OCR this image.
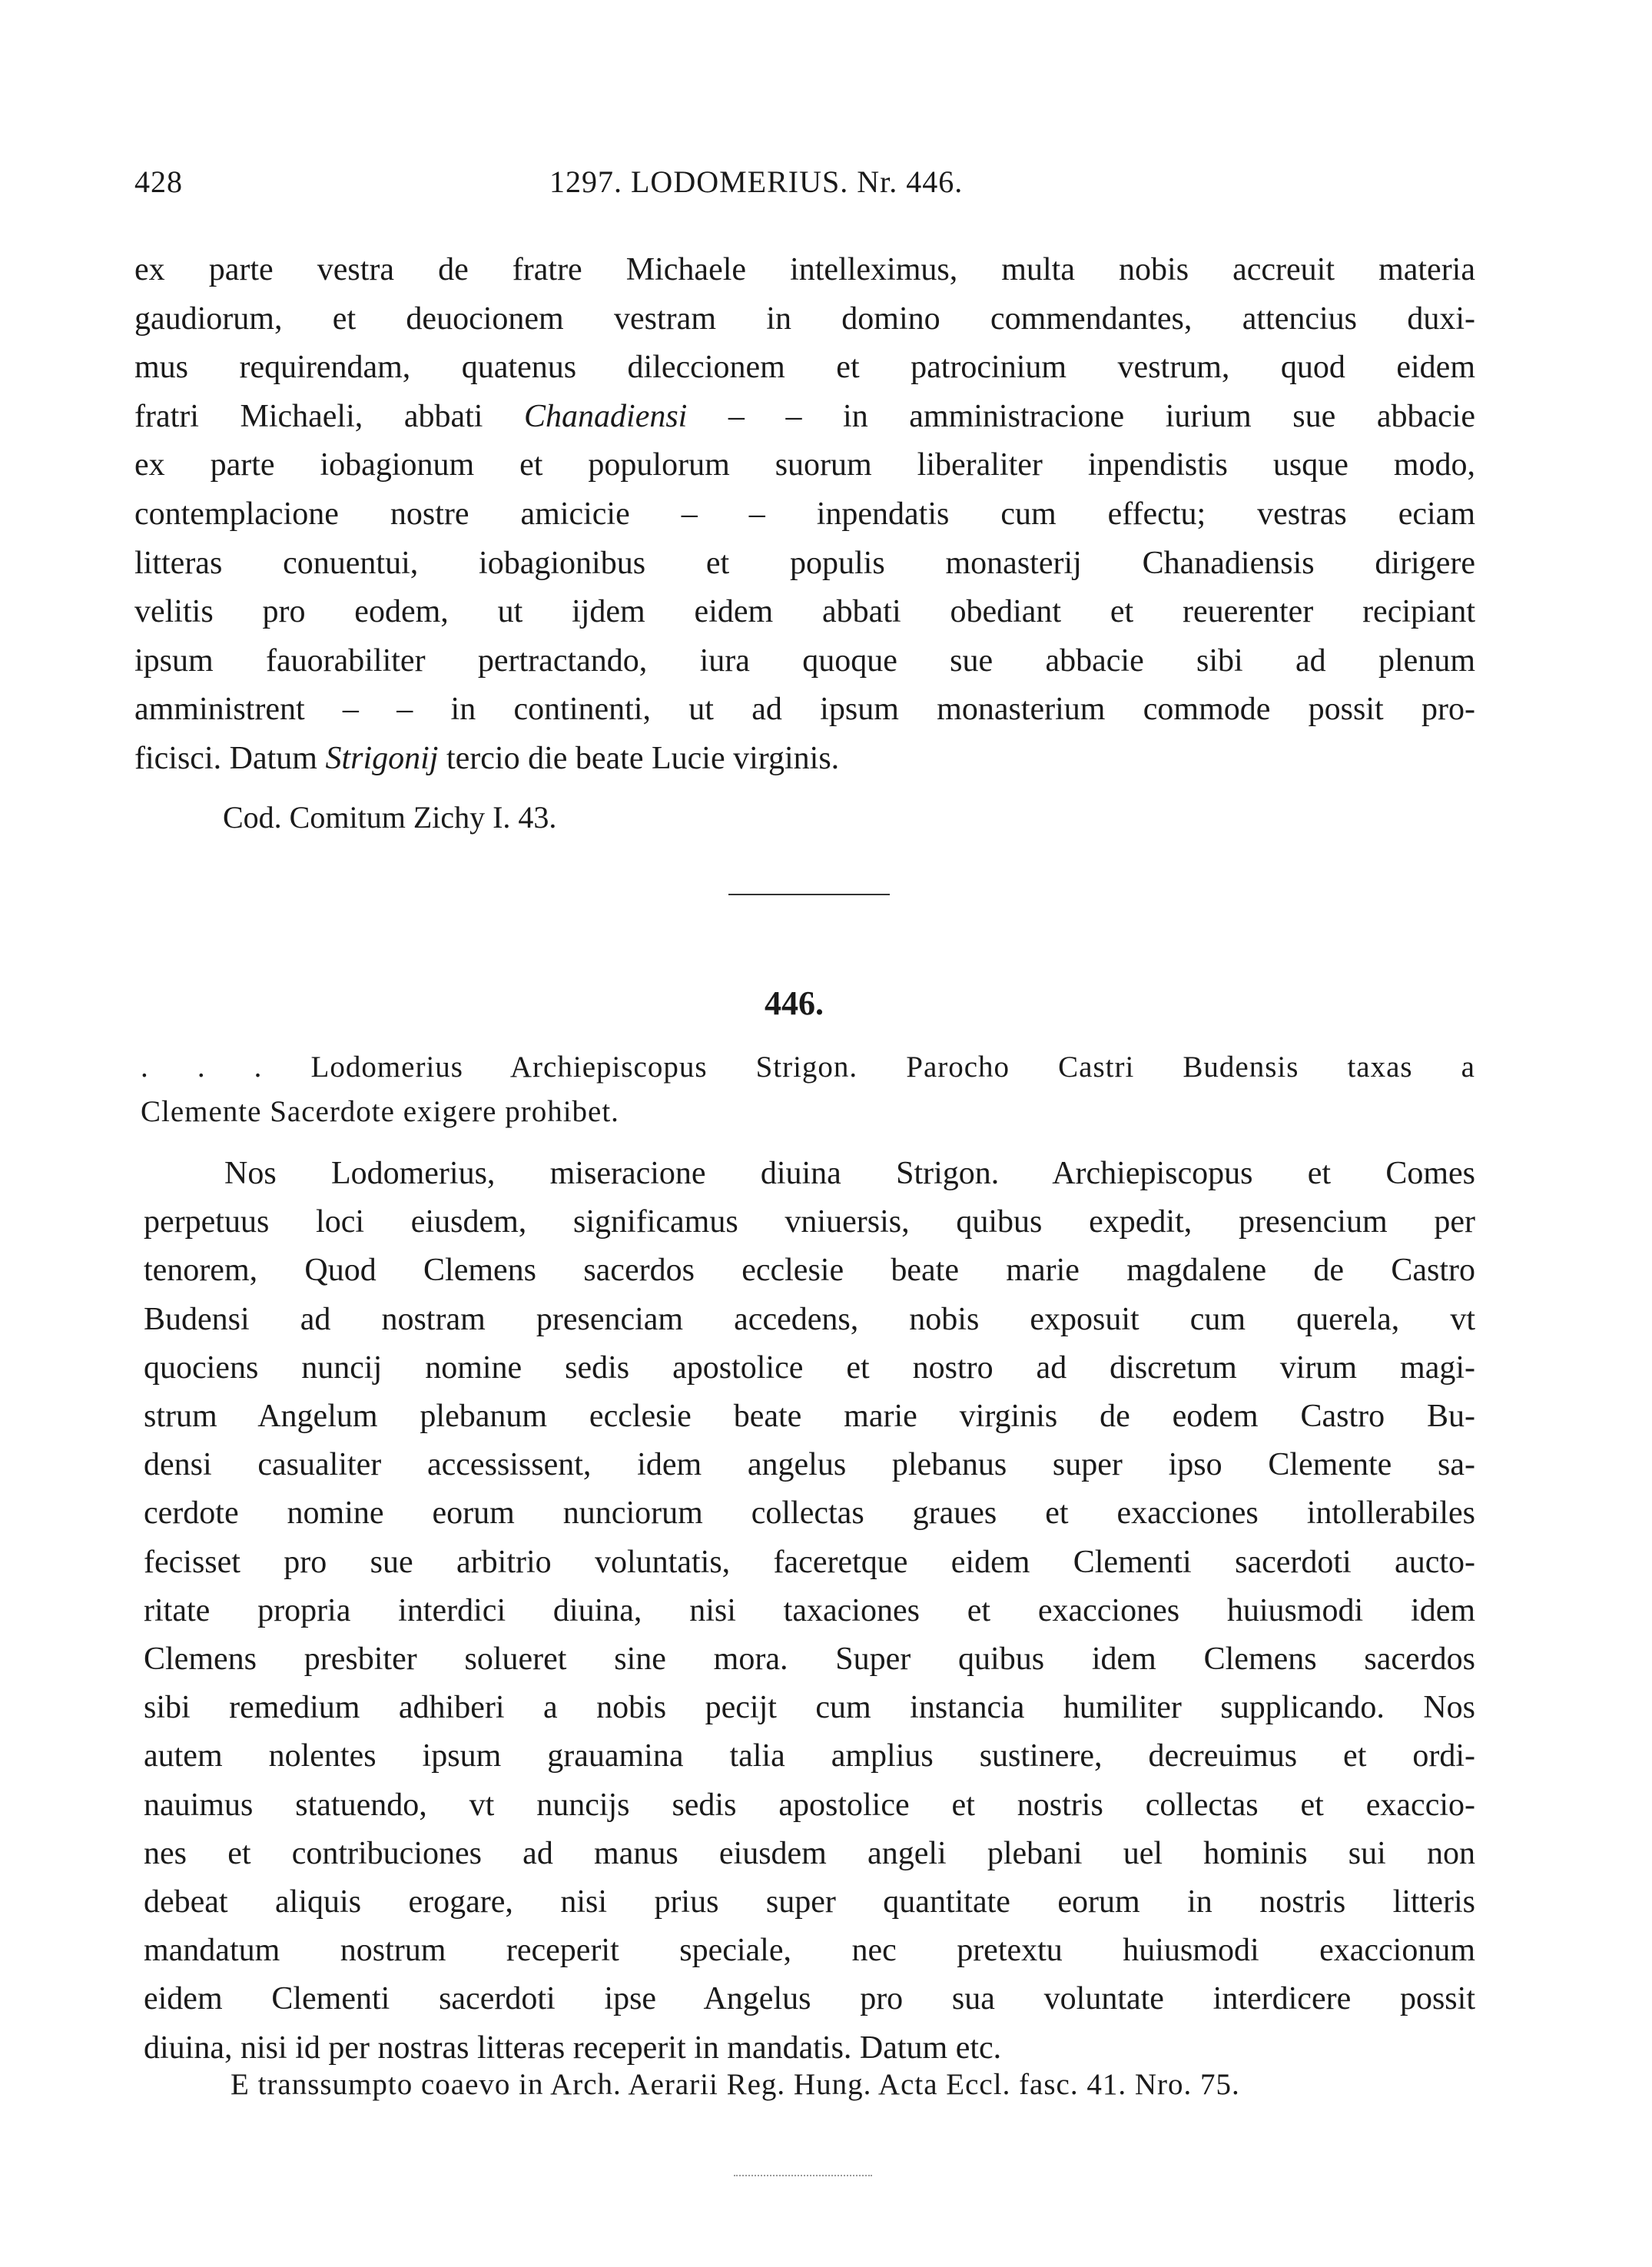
428	1297. LODOMERIUS. Nr. 446.
ex parte vestra de fratre Michaele intelleximus, multa nobis accreuit materia
gaudiorum, et deuocionem vestram in domino commendantes, attencius duxi-
mus requirendam, quatenus dileccionem et patrocinium vestrum, quod eidem
fratri Michaeli, abbati Chanadiensi – – in amministracione iurium sue abbacie
ex parte iobagionum et populorum suorum liberaliter inpendistis usque modo,
contemplacione nostre amicicie – – inpendatis cum effectu; vestras eciam
litteras conuentui, iobagionibus et populis monasterij Chanadiensis dirigere
velitis pro eodem, ut ijdem eidem abbati obediant et reuerenter recipiant
ipsum fauorabiliter pertractando, iura quoque sue abbacie sibi ad plenum
amministrent – – in continenti, ut ad ipsum monasterium commode possit pro-
ficisci. Datum Strigonij tercio die beate Lucie virginis.
Cod. Comitum Zichy I. 43.
446.
. . . Lodomerius Archiepiscopus Strigon. Parocho Castri Budensis taxas a
Clemente Sacerdote exigere prohibet.
Nos Lodomerius, miseracione diuina Strigon. Archiepiscopus et Comes
perpetuus loci eiusdem, significamus vniuersis, quibus expedit, presencium per
tenorem, Quod Clemens sacerdos ecclesie beate marie magdalene de Castro
Budensi ad nostram presenciam accedens, nobis exposuit cum querela, vt
quociens nuncij nomine sedis apostolice et nostro ad discretum virum magi-
strum Angelum plebanum ecclesie beate marie virginis de eodem Castro Bu-
densi casualiter accessissent, idem angelus plebanus super ipso Clemente sa-
cerdote nomine eorum nunciorum collectas graues et exacciones intollerabiles
fecisset pro sue arbitrio voluntatis, faceretque eidem Clementi sacerdoti aucto-
ritate propria interdici diuina, nisi taxaciones et exacciones huiusmodi idem
Clemens presbiter solueret sine mora. Super quibus idem Clemens sacerdos
sibi remedium adhiberi a nobis pecijt cum instancia humiliter supplicando. Nos
autem nolentes ipsum grauamina talia amplius sustinere, decreuimus et ordi-
nauimus statuendo, vt nuncijs sedis apostolice et nostris collectas et exaccio-
nes et contribuciones ad manus eiusdem angeli plebani uel hominis sui non
debeat aliquis erogare, nisi prius super quantitate eorum in nostris litteris
mandatum nostrum receperit speciale, nec pretextu huiusmodi exaccionum
eidem Clementi sacerdoti ipse Angelus pro sua voluntate interdicere possit
diuina, nisi id per nostras litteras receperit in mandatis. Datum etc.
E transsumpto coaevo in Arch. Aerarii Reg. Hung. Acta Eccl. fasc. 41. Nro. 75.
